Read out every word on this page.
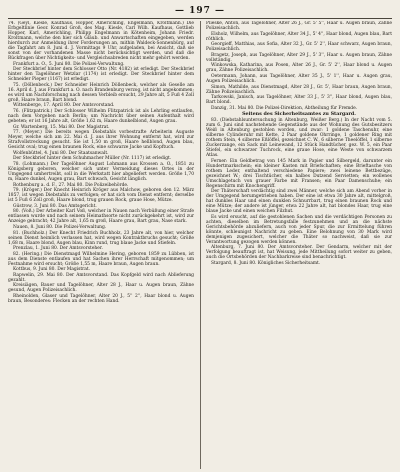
— 197 —

74. (Geyl, Kiesle, Kaufhaus, Hopper, Americhling, Engelmann, Kroltmann.) Die Erbgeltlinie Geor. Konrad Groß, des Mag. Kiesle, Carl Wilh. Kaufhaus, Gottlieb Hopper, Karl, Americhling, Philipp Engelmann in Kötenheim, Johann Friedr. Kroltmann, welche den hier sich Gläub. und Anwartschaften eingegeben, werden hierdurch zur Anmeldung ihrer Forderungen an, mithin Waldeck-Sonnenbürg, auf die Tagfahrt am 8. Juni d. J. Vormittags 9 Uhr, aufgeladen, bei Ansicht, daß sie sonst von der vorhandenen Masse nicht berücksichtigt werden, und daß die Rückfragen über Nichtigkeits- und Vergleichsabreden nicht mehr gehört werden.

Frankfurt a. O., 5. Juni 80. Die Polizei-Verwaltung.

Der Steckbrief hinter dem Schlosser Otto (Nr. 4182) ist erledigt. Der Steckbrief hinter den Tagelöhner Wetzlar (1174) ist erledigt. Der Steckbrief hinter dem Schneider Pieper (1167) ist erledigt.

75. (Döllenbeck.) Der Schneider Heinrich Döllenbeck, welcher als Geselle am 16. April d. J. aus Frankfurt a. O. nach Brandenburg verzog, ist nicht angekommen; es wird um Nachforschung nach dessen Verbleib ersucht, 29 Jahre alt, 5 Fuß 4 Zoll groß, Haare braun, Bart blond.

Wittenberge, 17. April 80. Der Amtsvorstand.

76. (Flitzpatrick.) Der Schlosser Wilhelm Flitzpatrick ist als Lehrling entlaufen, nach dem Vorgeben nach Berlin; um Nachricht über seinen Aufenthalt wird gebeten; er ist 16 Jahre alt, Größe 1,62 m, Haare dunkelblond, Augen grau.

Gr. Wartenberg, 15. Mai 80. Der Magistrat.

77. (Meyer.) Die bereits wegen Diebstahls vorbestrafte Arbeiterin Auguste Meyer, welche sich am 22. Mai d. J. aus ihrer Wohnung entfernt hat, wird zur Strafvollstreckung gesucht. Sie ist 1,50 m groß, Haare hellblond, Augen blau, Gesicht oval; trug einen braunen Rock, eine schwarze Jacke und Kopftuch.

Wolfenbüttel, 4. Juni 80. Der Staatsanwalt.

Der Steckbrief hinter dem Schuhmacher Müller (Nr. 1117) ist erledigt.

78. (Lohmann.) Der Tagelöhner August Lohmann aus Krossen a. O., 1851 zu Königsberg geboren, welcher sich unter Vermeidung dieses Ortes in der Umgegend umhertreibt, soll in die Werkstatt hier abgeliefert werden. Größe 1,70 m, Haare dunkel, Augen grau, Bart schwach, Gesicht länglich.

Rothenburg a. d. F., 27. Mai 80. Die Polizeibehörde.

79. (Kröger.) Der Knecht Heinrich Kröger aus Malchow, geboren den 12. März 1857, ist wegen Diebstahls zu verfolgen; er hat sich vom Dienst entfernt; derselbe ist 5 Fuß 6 Zoll groß, Haare blond, trug grauen Rock, graue Hose, Mütze.

Güstrow, 3. Juni 80. Das Amtsgericht.

80. (Voß.) Der Arbeiter Karl Voß, welcher in Nauen nach Verbüßung einer Strafe entlassen wurde und nach seinem Heimathsorte nicht zurückgekehrt ist, wird zur Anzeige gebracht; 42 Jahre alt, 1,65 m groß, Haare grau, Bart grau, Nase stark.

Nauen, 8. Juni 80. Die Polizei-Verwaltung.

81. (Buchholz.) Der Knecht Friedrich Buchholz, 23 Jahre alt, von hier, welcher seinen Dienst heimlich verlassen hat, wird wegen Kontraktbruchs gesucht; Größe 1,68 m, Haare blond, Augen blau, Kinn rund, trug blaue Jacke und Stiefeln.

Prenzlau, 1. Juni 80. Der Amtsvorsteher.

82. (Hering.) Die Dienstmagd Wilhelmine Hering, geboren 1859 zu Lübben, ist aus dem Dienste entlaufen und hat Sachen ihrer Herrschaft mitgenommen; um Festnahme wird ersucht; Größe 1,55 m, Haare braun, Augen braun.

Kottbus, 9. Juni 80. Der Magistrat.

Rapwelin, 29. Mai 80. Der Amtsvorstand. Das Kopfgeld wird nach Ablieferung gezahlt.

Kreisiägen, Bauer und Tagelöhner, Alter 28 J., Haar u. Augen braun, Zähne gesund, Augen Polizeisachlich.

Rheinolden, Glaser und Tagelöhner, Alter 20 J., 5'' 2'', Haar blond u. Augen braun, Besonderes: Flecken an der rechten Hand.

Plieske, Anton, aus Tagelöhner, Alter 26 J., Gr. 5' 5'', Haar u. Augen braun, Zähne Polizeisachlich.

Elsholz, Wilhelm, aus Tagelöhner, Alter 34 J., 5' 4'', Haar blond, Augen blau, Bart röthlich.

Georgieff, Matthias, aus Sofia, Alter 32 J., Gr. 5' 2'', Haar schwarz, Augen braun, Polizeisachlich.

Bragetz, Joseph, aus Tagelöhner, Alter 29 J., 5' 3'', Haar u. Augen braun, Zähne vollständig.

Winkowska, Katharina, aus Posen, Alter 26 J., Gr. 5' 2'', Haar blond u. Augen grau, Zähne Polizeisachlich.

Oetermann, Johann, aus Tagelöhner, Alter 35 J., 5' 1'', Haar u. Augen grau, Augen Polizeisachlich.

Simon, Mathilde, aus Dienstmagd, Alter 28 J., Gr. 5', Haar braun, Augen braun, Zähne Polizeisachlich.

Tarkowski, Janisch, aus Tagelöhner, Alter 33 J., 5' 3'', Haar blond, Augen blau, Bart blond.

Danzig, 31. Mai 80. Die Polizei-Direktion, Abtheilung für Fremde.

Seitens des Sicherheitsamtes zu Stargard.

83. (Diebstahlsuntersuchung in Altenburg, Weißer Berg.) In der Nacht vom 5. zum 6. Juni sind nachstehende Gegenstände aus der Wohnung des Gutsbesitzers Weiß in Altenburg gestohlen worden, und zwar: 1 goldene Taschenuhr, eine silberne Cylinderuhr mit Kette, 2 Paar goldene Ohrringe, 1 goldener Ring mit rothem Stein, 4 silberne Eßlöffel, gezeichnet C. W., 6 silberne Theelöffel, 1 silberne Zuckerzange, ein Sack mit Leinewand, 12 Stück Handtücher, gez. W. 5, ein Paar Stiefel, ein schwarzer Tuchrock, eine graue Hose, eine Weste von schwarzem Atlas.

Ferner: Ein Geldbetrag von 145 Mark in Papier und Silbergeld, darunter ein Hundertmarkschein; ein kleiner Kasten mit Briefschaften; eine Brieftasche von rothem Leder, enthaltend verschiedene Papiere; zwei leinene Bettbezüge, gezeichnet W.; drei Tischtücher, ein halbes Dutzend Servietten; ein wollenes Umschlagetuch von grauer Farbe mit Fransen; ein Paar Damenschuhe; ein Regenschirm mit Knochengriff.

Der Thäterschaft verdächtig sind zwei Männer, welche sich am Abend vorher in der Umgegend herumgetrieben haben. Der eine ist etwa 30 Jahre alt, mittelgroß, hat dunkles Haar und einen dunklen Schnurrbart, trug einen braunen Rock und eine Mütze; der andere ist jünger, etwa 22 Jahre alt, hat blondes Haar, trug eine blaue Jacke und einen weichen Filzhut.

Es wird ersucht, auf die gestohlenen Sachen und die verdächtigen Personen zu achten, dieselben im Betretungsfalle festzunehmen und an die nächste Gerichtsbehörde abzuliefern, auch von jeder Spur, die zur Ermittelung führen könnte, schleunigst Nachricht zu geben. Eine Belohnung von 30 Mark wird demjenigen zugesichert, welcher die Thäter so nachweist, daß sie zur Verantwortung gezogen werden können.

Altenburg, 7. Juni 80. Der Amtsvorsteher. Der Gendarm, welcher mit der Verfolgung beauftragt ist, hat Weisung, jede Mittheilung sofort weiter zu geben, auch die Ortsbehörden der Nachbarkreise sind benachrichtigt.

Stargard, 8. Juni 80. Königliches Sicherheitsamt.
